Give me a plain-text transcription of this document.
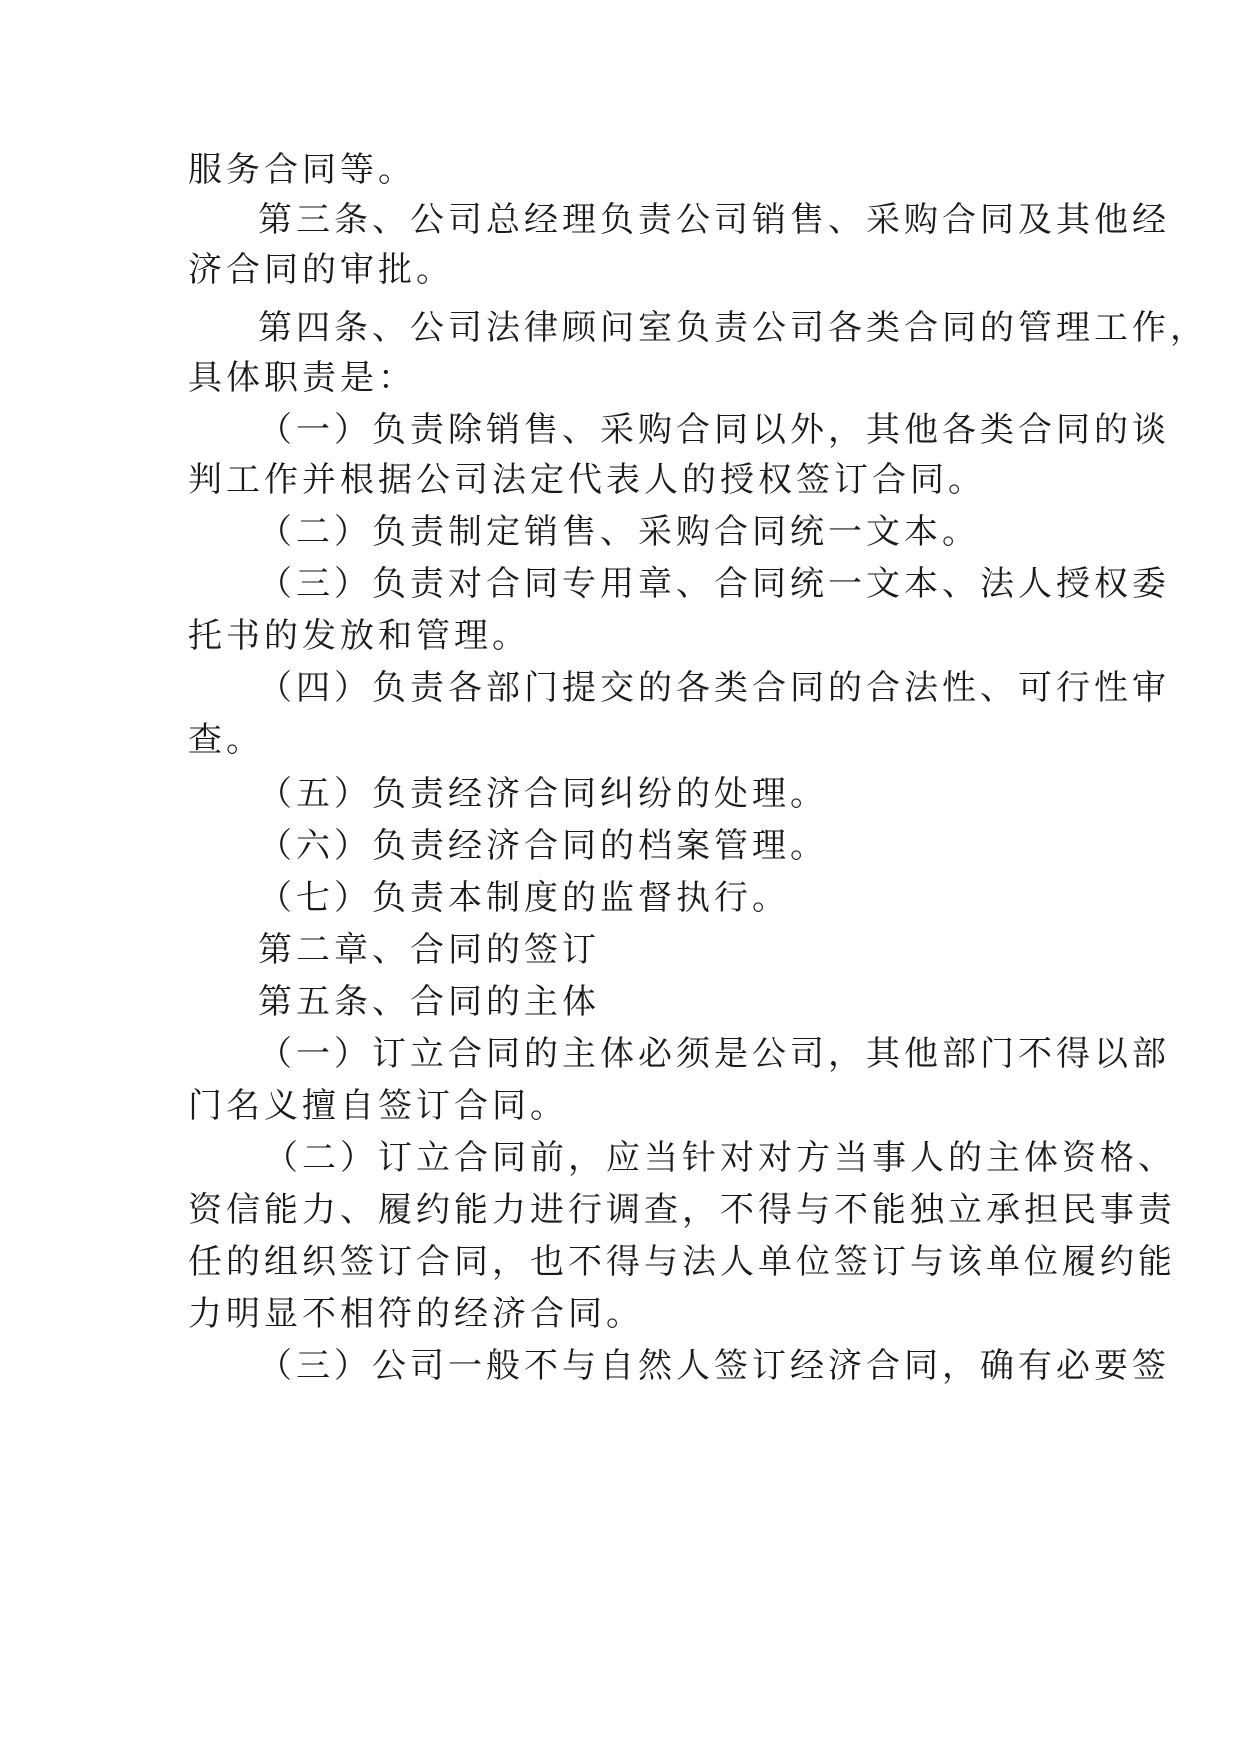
服务合同等。
第三条、公司总经理负责公司销售、采购合同及其他经
济合同的审批。
第四条、公司法律顾问室负责公司各类合同的管理工作，
具体职责是：
（一）负责除销售、采购合同以外，其他各类合同的谈
判工作并根据公司法定代表人的授权签订合同。
（二）负责制定销售、采购合同统一文本。
（三）负责对合同专用章、合同统一文本、法人授权委
托书的发放和管理。
（四）负责各部门提交的各类合同的合法性、可行性审
查。
（五）负责经济合同纠纷的处理。
（六）负责经济合同的档案管理。
（七）负责本制度的监督执行。
第二章、合同的签订
第五条、合同的主体
（一）订立合同的主体必须是公司，其他部门不得以部
门名义擅自签订合同。
（二）订立合同前，应当针对对方当事人的主体资格、
资信能力、履约能力进行调查，不得与不能独立承担民事责
任的组织签订合同，也不得与法人单位签订与该单位履约能
力明显不相符的经济合同。
（三）公司一般不与自然人签订经济合同，确有必要签
